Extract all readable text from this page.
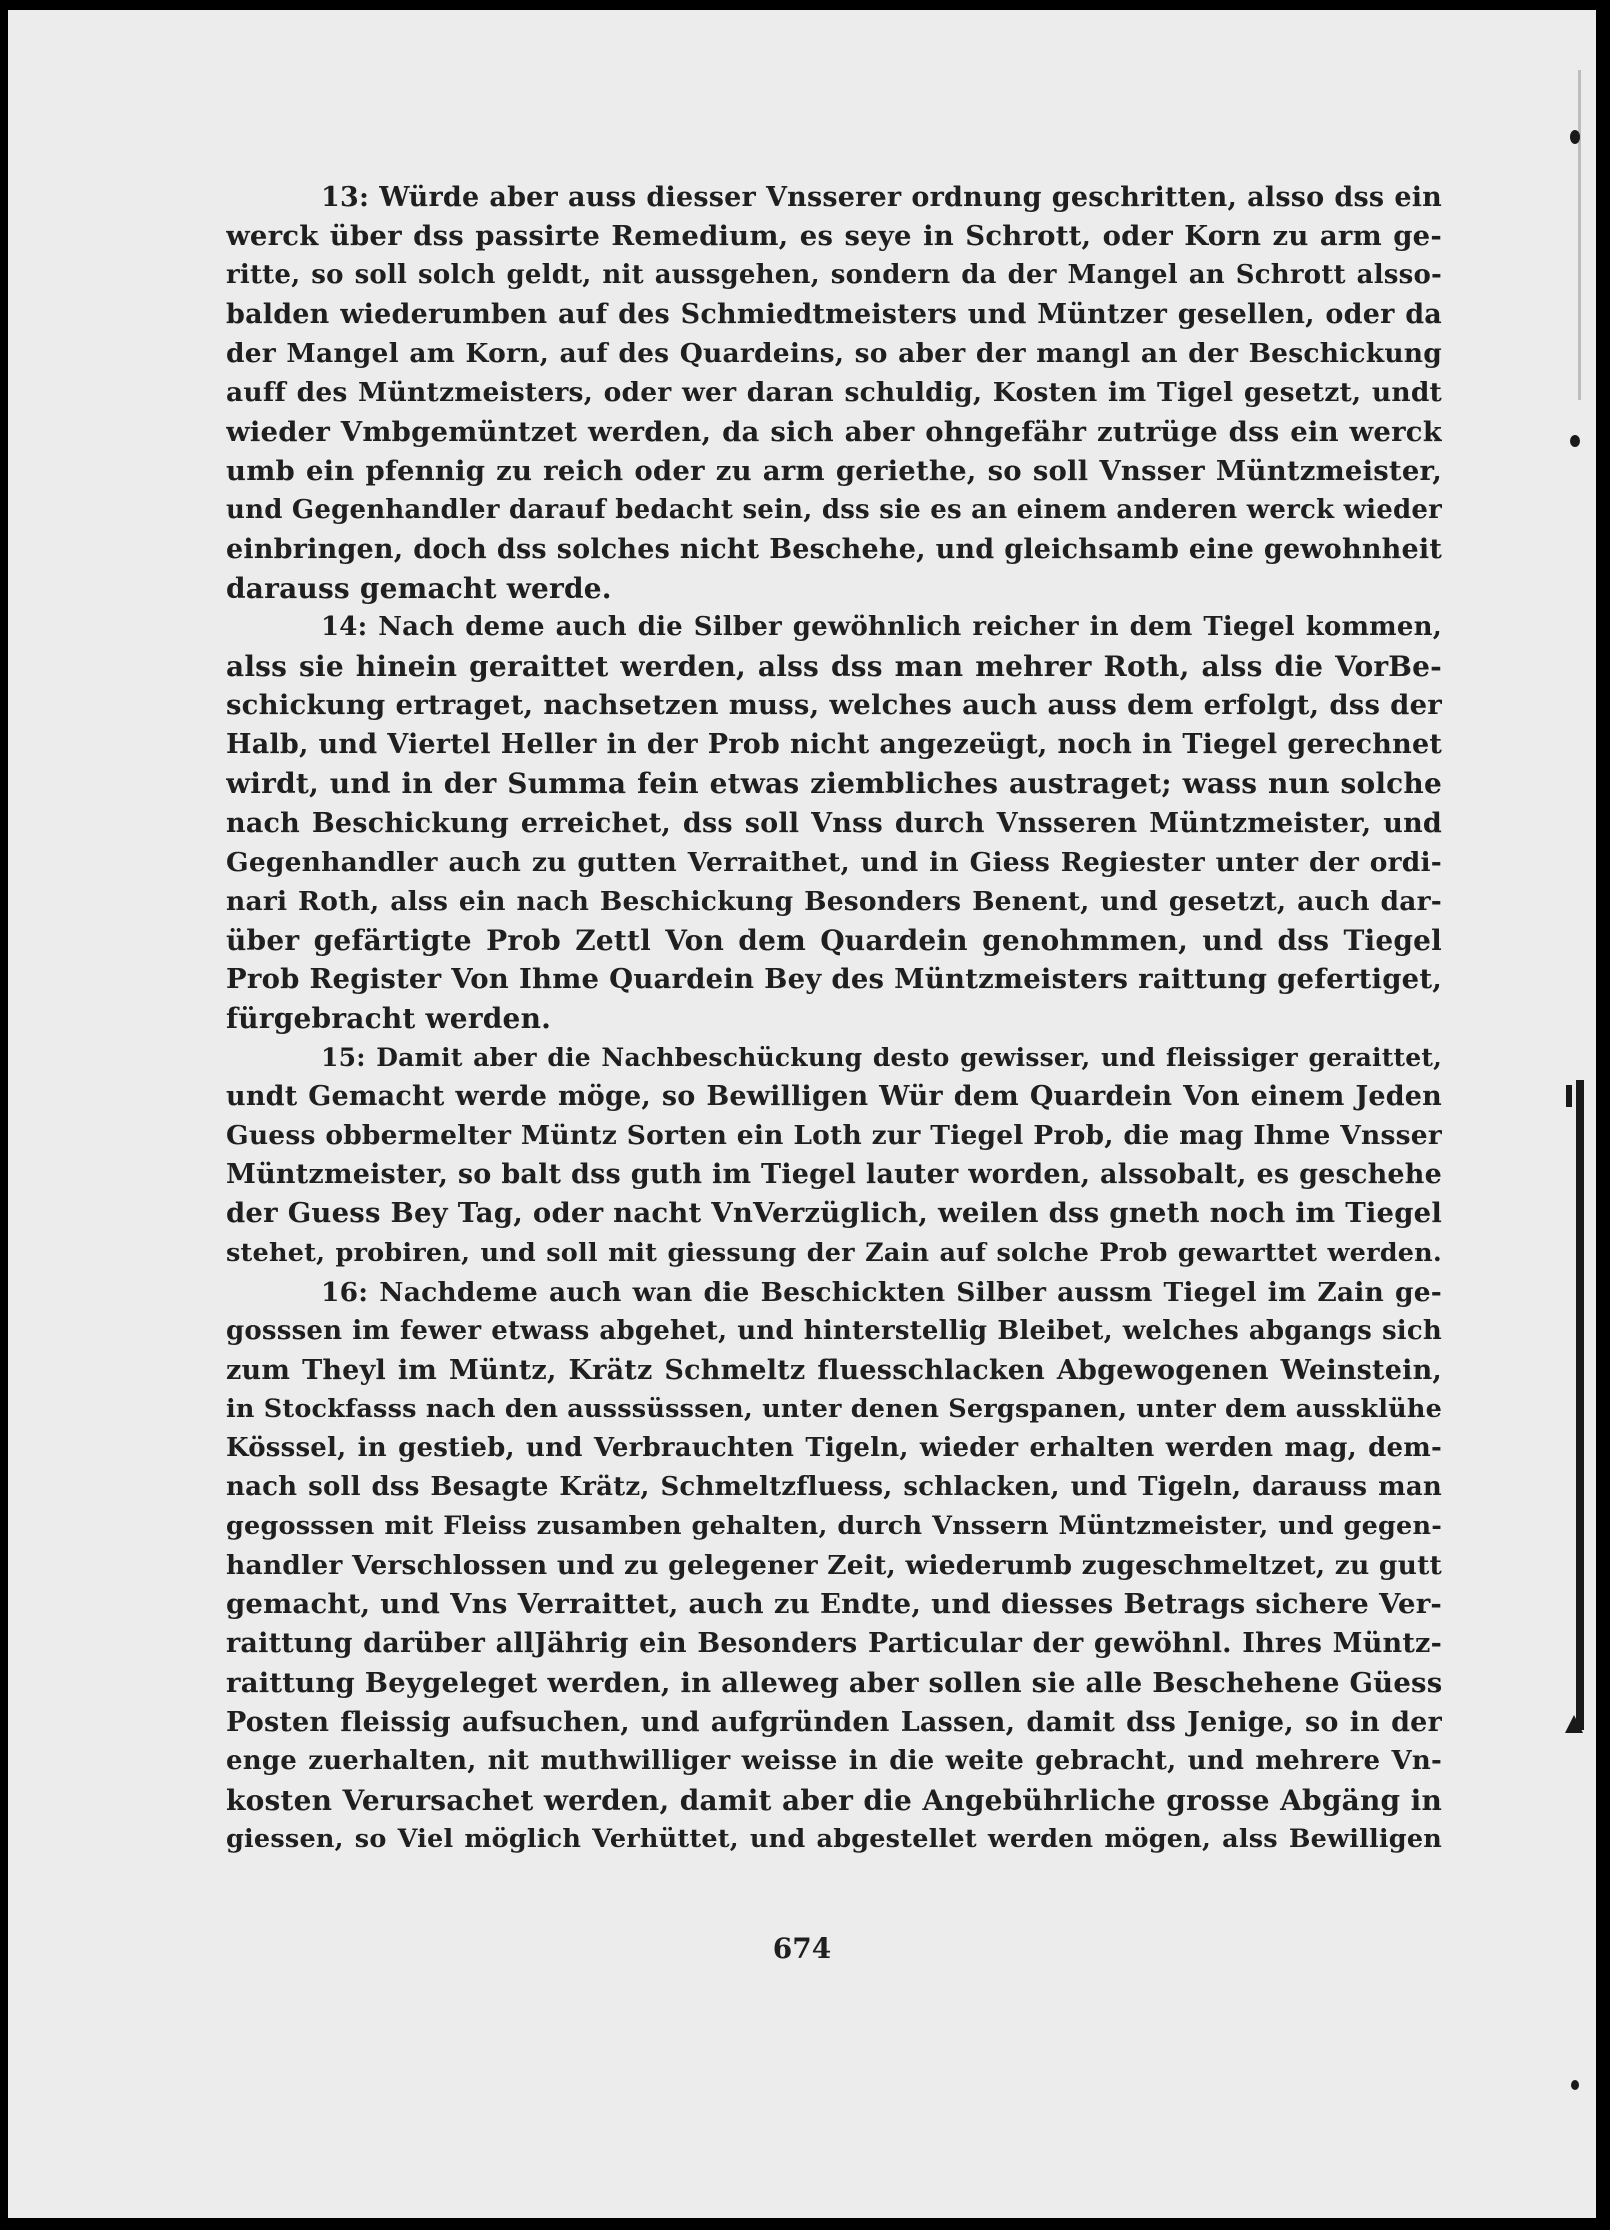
13: Würde aber auss diesser Vnsserer ordnung geschritten, alsso dss ein
werck über dss passirte Remedium, es seye in Schrott, oder Korn zu arm ge-
ritte, so soll solch geldt, nit aussgehen, sondern da der Mangel an Schrott alsso-
balden wiederumben auf des Schmiedtmeisters und Müntzer gesellen, oder da
der Mangel am Korn, auf des Quardeins, so aber der mangl an der Beschickung
auff des Müntzmeisters, oder wer daran schuldig, Kosten im Tigel gesetzt, undt
wieder Vmbgemüntzet werden, da sich aber ohngefähr zutrüge dss ein werck
umb ein pfennig zu reich oder zu arm geriethe, so soll Vnsser Müntzmeister,
und Gegenhandler darauf bedacht sein, dss sie es an einem anderen werck wieder
einbringen, doch dss solches nicht Beschehe, und gleichsamb eine gewohnheit
darauss gemacht werde.
14: Nach deme auch die Silber gewöhnlich reicher in dem Tiegel kommen,
alss sie hinein geraittet werden, alss dss man mehrer Roth, alss die VorBe-
schickung ertraget, nachsetzen muss, welches auch auss dem erfolgt, dss der
Halb, und Viertel Heller in der Prob nicht angezeügt, noch in Tiegel gerechnet
wirdt, und in der Summa fein etwas ziembliches austraget; wass nun solche
nach Beschickung erreichet, dss soll Vnss durch Vnsseren Müntzmeister, und
Gegenhandler auch zu gutten Verraithet, und in Giess Regiester unter der ordi-
nari Roth, alss ein nach Beschickung Besonders Benent, und gesetzt, auch dar-
über gefärtigte Prob Zettl Von dem Quardein genohmmen, und dss Tiegel
Prob Register Von Ihme Quardein Bey des Müntzmeisters raittung gefertiget,
fürgebracht werden.
15: Damit aber die Nachbeschückung desto gewisser, und fleissiger geraittet,
undt Gemacht werde möge, so Bewilligen Wür dem Quardein Von einem Jeden
Guess obbermelter Müntz Sorten ein Loth zur Tiegel Prob, die mag Ihme Vnsser
Müntzmeister, so balt dss guth im Tiegel lauter worden, alssobalt, es geschehe
der Guess Bey Tag, oder nacht VnVerzüglich, weilen dss gneth noch im Tiegel
stehet, probiren, und soll mit giessung der Zain auf solche Prob gewarttet werden.
16: Nachdeme auch wan die Beschickten Silber aussm Tiegel im Zain ge-
gosssen im fewer etwass abgehet, und hinterstellig Bleibet, welches abgangs sich
zum Theyl im Müntz, Krätz Schmeltz fluesschlacken Abgewogenen Weinstein,
in Stockfasss nach den ausssüsssen, unter denen Sergspanen, unter dem aussklühe
Kösssel, in gestieb, und Verbrauchten Tigeln, wieder erhalten werden mag, dem-
nach soll dss Besagte Krätz, Schmeltzfluess, schlacken, und Tigeln, darauss man
gegosssen mit Fleiss zusamben gehalten, durch Vnssern Müntzmeister, und gegen-
handler Verschlossen und zu gelegener Zeit, wiederumb zugeschmeltzet, zu gutt
gemacht, und Vns Verraittet, auch zu Endte, und diesses Betrags sichere Ver-
raittung darüber allJährig ein Besonders Particular der gewöhnl. Ihres Müntz-
raittung Beygeleget werden, in alleweg aber sollen sie alle Beschehene Güess
Posten fleissig aufsuchen, und aufgründen Lassen, damit dss Jenige, so in der
enge zuerhalten, nit muthwilliger weisse in die weite gebracht, und mehrere Vn-
kosten Verursachet werden, damit aber die Angebührliche grosse Abgäng in
giessen, so Viel möglich Verhüttet, und abgestellet werden mögen, alss Bewilligen
674
